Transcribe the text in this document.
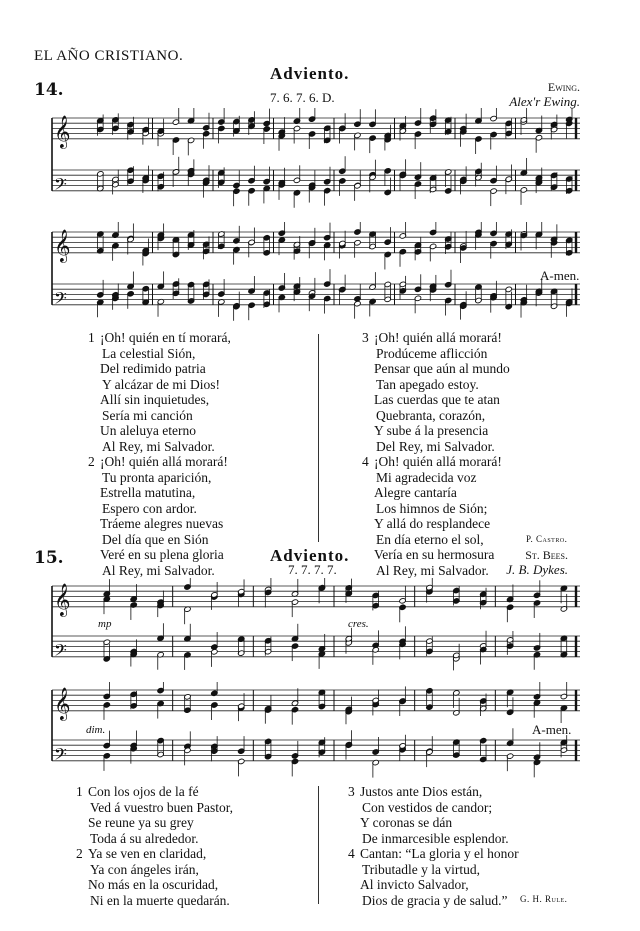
EL AÑO CRISTIANO.
14.
Adviento.
7. 6. 7. 6. D.
Ewing.
Alex'r Ewing.
𝄞
𝄢
𝄞
𝄢
A-men.
1 ¡Oh! quién en tí morará,
La celestial Sión,
Del redimido patria
Y alcázar de mi Dios!
Allí sin inquietudes,
Sería mi canción
Un aleluya eterno
Al Rey, mi Salvador.
2 ¡Oh! quién allá morará!
Tu pronta aparición,
Estrella matutina,
Espero con ardor.
Tráeme alegres nuevas
Del día que en Sión
Veré en su plena gloria
Al Rey, mi Salvador.
3 ¡Oh! quién allá morará!
Prodúceme aflicción
Pensar que aún al mundo
Tan apegado estoy.
Las cuerdas que te atan
Quebranta, corazón,
Y sube á la presencia
Del Rey, mi Salvador.
4 ¡Oh! quién allá morará!
Mi agradecida voz
Alegre cantaría
Los himnos de Sión;
Y allá do resplandece
En día eterno el sol,
Vería en su hermosura
Al Rey, mi Salvador.
P. Castro.
15.	Adviento.
7. 7. 7. 7.
St. Bees.
J. B. Dykes.
𝄞
𝄢
mp	cres.
𝄞
𝄢
dim.	A-men.
1 Con los ojos de la fé
Ved á vuestro buen Pastor,
Se reune ya su grey
Toda á su alrededor.
2 Ya se ven en claridad,
Ya con ángeles irán,
No más en la oscuridad,
Ni en la muerte quedarán.
3 Justos ante Dios están,
Con vestidos de candor;
Y coronas se dán
De inmarcesible esplendor.
4 Cantan: “La gloria y el honor
Tributadle y la virtud,
Al invicto Salvador,
Dios de gracia y de salud.”	G. H. Rule.
